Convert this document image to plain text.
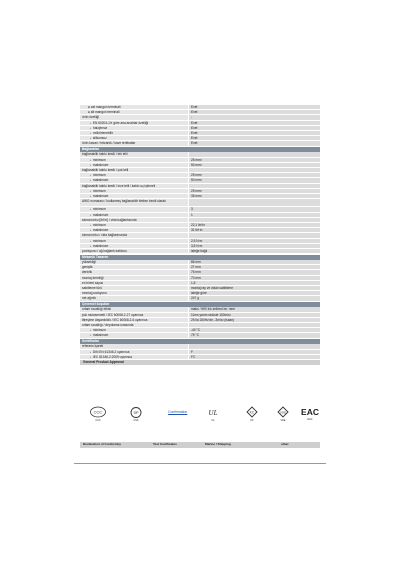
● cat mangon terminali	Evet
● alt mangon terminali	Evet
ürün özelliği	-
▪ EN 60204-1'e göre ana anahtar özelliği	Evet
▪ halojensiz	Evet
▪ mühürlenebilir	Evet
▪ silikonsuz	Evet
ürün kavan / tekrarlık / kave tertibatlar	Evet
Bağlantılar
bağlanabilir kablo kesiti / tek telli
▪ minimum	25 mm²
▪ maksimum	50 mm²
bağlanabilir kablo kesiti / çok telli
▪ minimum	25 mm²
▪ maksimum	50 mm²
bağlanabilir kablo kesiti / ince telli / kablo uç işlemeli
▪ minimum	25 mm²
▪ maksimum	35 mm²
AWG numarası / kodlanmış bağlanabilir iletken kesiti olarak
▪ minimum	3
▪ maksimum	1
sıkma torku [lbf·in] / vida bağlantısında
▪ minimum	22,1 lbf·in
▪ maksimum	31 lbf·in
sıkma torku / vida bağlantısında
▪ minimum	2,5 N·m
▪ maksimum	3,5 N·m
pozisyonu / ağ bağlantı kablosu	isteğe bağlı
Mekanik Tasarım
yüksekliği	86 mm
genişlik	27 mm
derinlik	76 mm
montaj derinliği	70 mm
en birimi sayısı	1,5
sabitleme türü	montaj ray ve vidalı sabitleme
montaj pozisyonu	isteğe göre
net ağırlık	247 g
Çevresel koşullar
ortam sıcaklığı etkisi	maks. %90 ılık selbest bır. nem
şok mukavemeti / IEC 60068-2-27 uyarınca	11ms yarım sinüste 150m/s²
titreşime dayanıklılık / IEC 60068-2-6 uyarınca	25 ila 150Hz'de...3m/s² (lsaan)
ortam sıcaklığı / depolama sırasında
▪ minimum	-40 °C
▪ maksimum	75 °C
Sertifikalar
referans işareti
▪ DIN EN 61346-2 uyarınca	F
▪ IEC 81346-2:2009 uyarınca	FC
General Product Approval
CCC
CCC
SP
CSA
UL
UL
KC
KC
VDE
VDE
EAC
EAC
Confirmation
Declaration of Conformity	Test Certificates	Marine / Shipping	other
